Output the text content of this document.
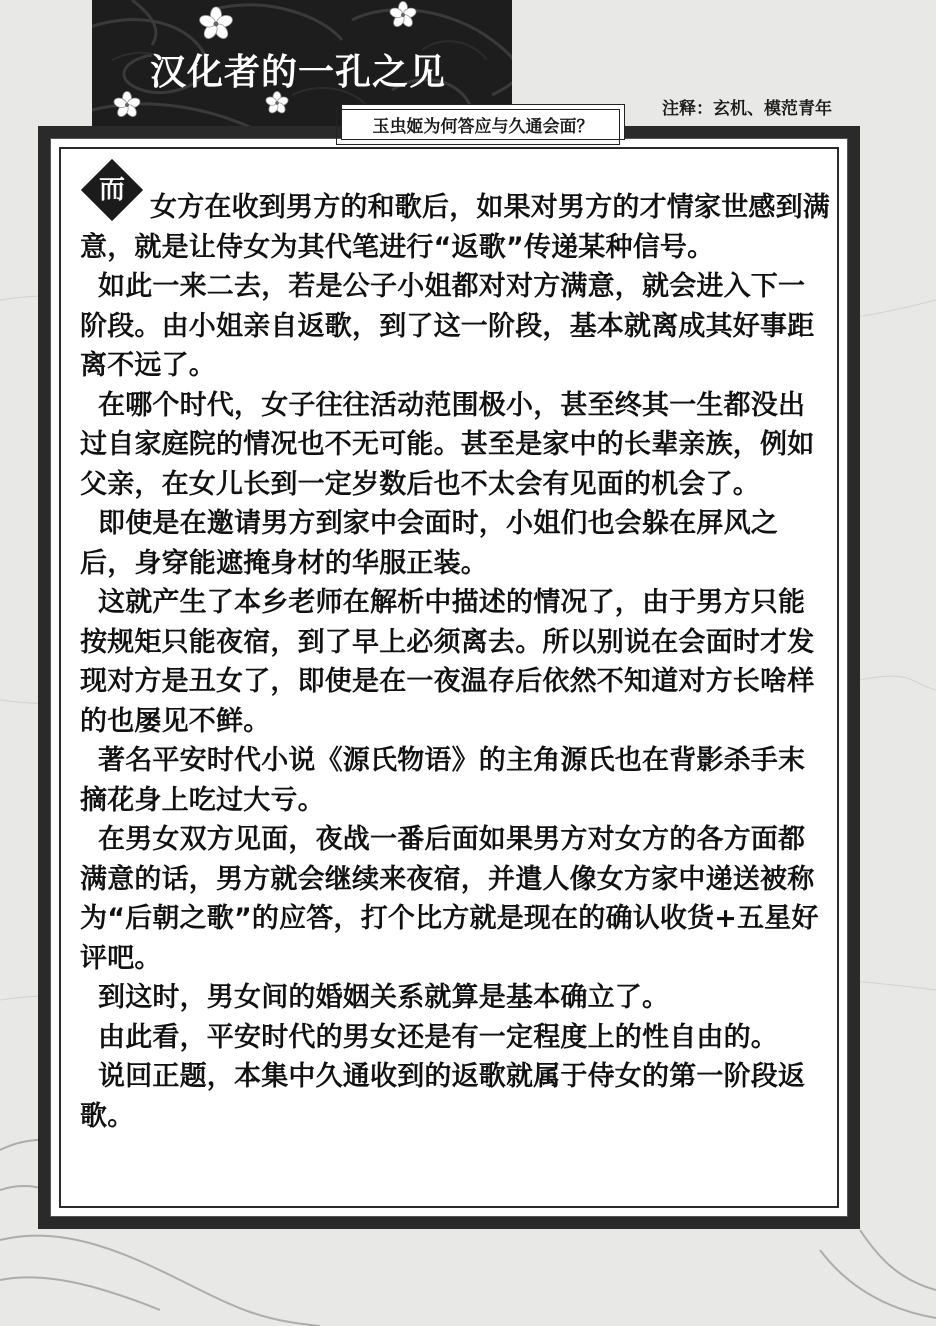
汉化者的一孔之见
玉虫姬为何答应与久通会面？
注释：玄机、模范青年
而

女方在收到男方的和歌后，如果对男方的才情家世感到满意，就是让侍女为其代笔进行“返歌”传递某种信号。

如此一来二去，若是公子小姐都对对方满意，就会进入下一阶段。由小姐亲自返歌，到了这一阶段，基本就离成其好事距离不远了。

在哪个时代，女子往往活动范围极小，甚至终其一生都没出过自家庭院的情况也不无可能。甚至是家中的长辈亲族，例如父亲，在女儿长到一定岁数后也不太会有见面的机会了。

即使是在邀请男方到家中会面时，小姐们也会躲在屏风之后，身穿能遮掩身材的华服正装。

这就产生了本乡老师在解析中描述的情况了，由于男方只能按规矩只能夜宿，到了早上必须离去。所以别说在会面时才发现对方是丑女了，即使是在一夜温存后依然不知道对方长啥样的也屡见不鲜。

著名平安时代小说《源氏物语》的主角源氏也在背影杀手末摘花身上吃过大亏。

在男女双方见面，夜战一番后面如果男方对女方的各方面都满意的话，男方就会继续来夜宿，并遣人像女方家中递送被称为“后朝之歌”的应答，打个比方就是现在的确认收货+五星好评吧。

到这时，男女间的婚姻关系就算是基本确立了。

由此看，平安时代的男女还是有一定程度上的性自由的。

说回正题，本集中久通收到的返歌就属于侍女的第一阶段返歌。
